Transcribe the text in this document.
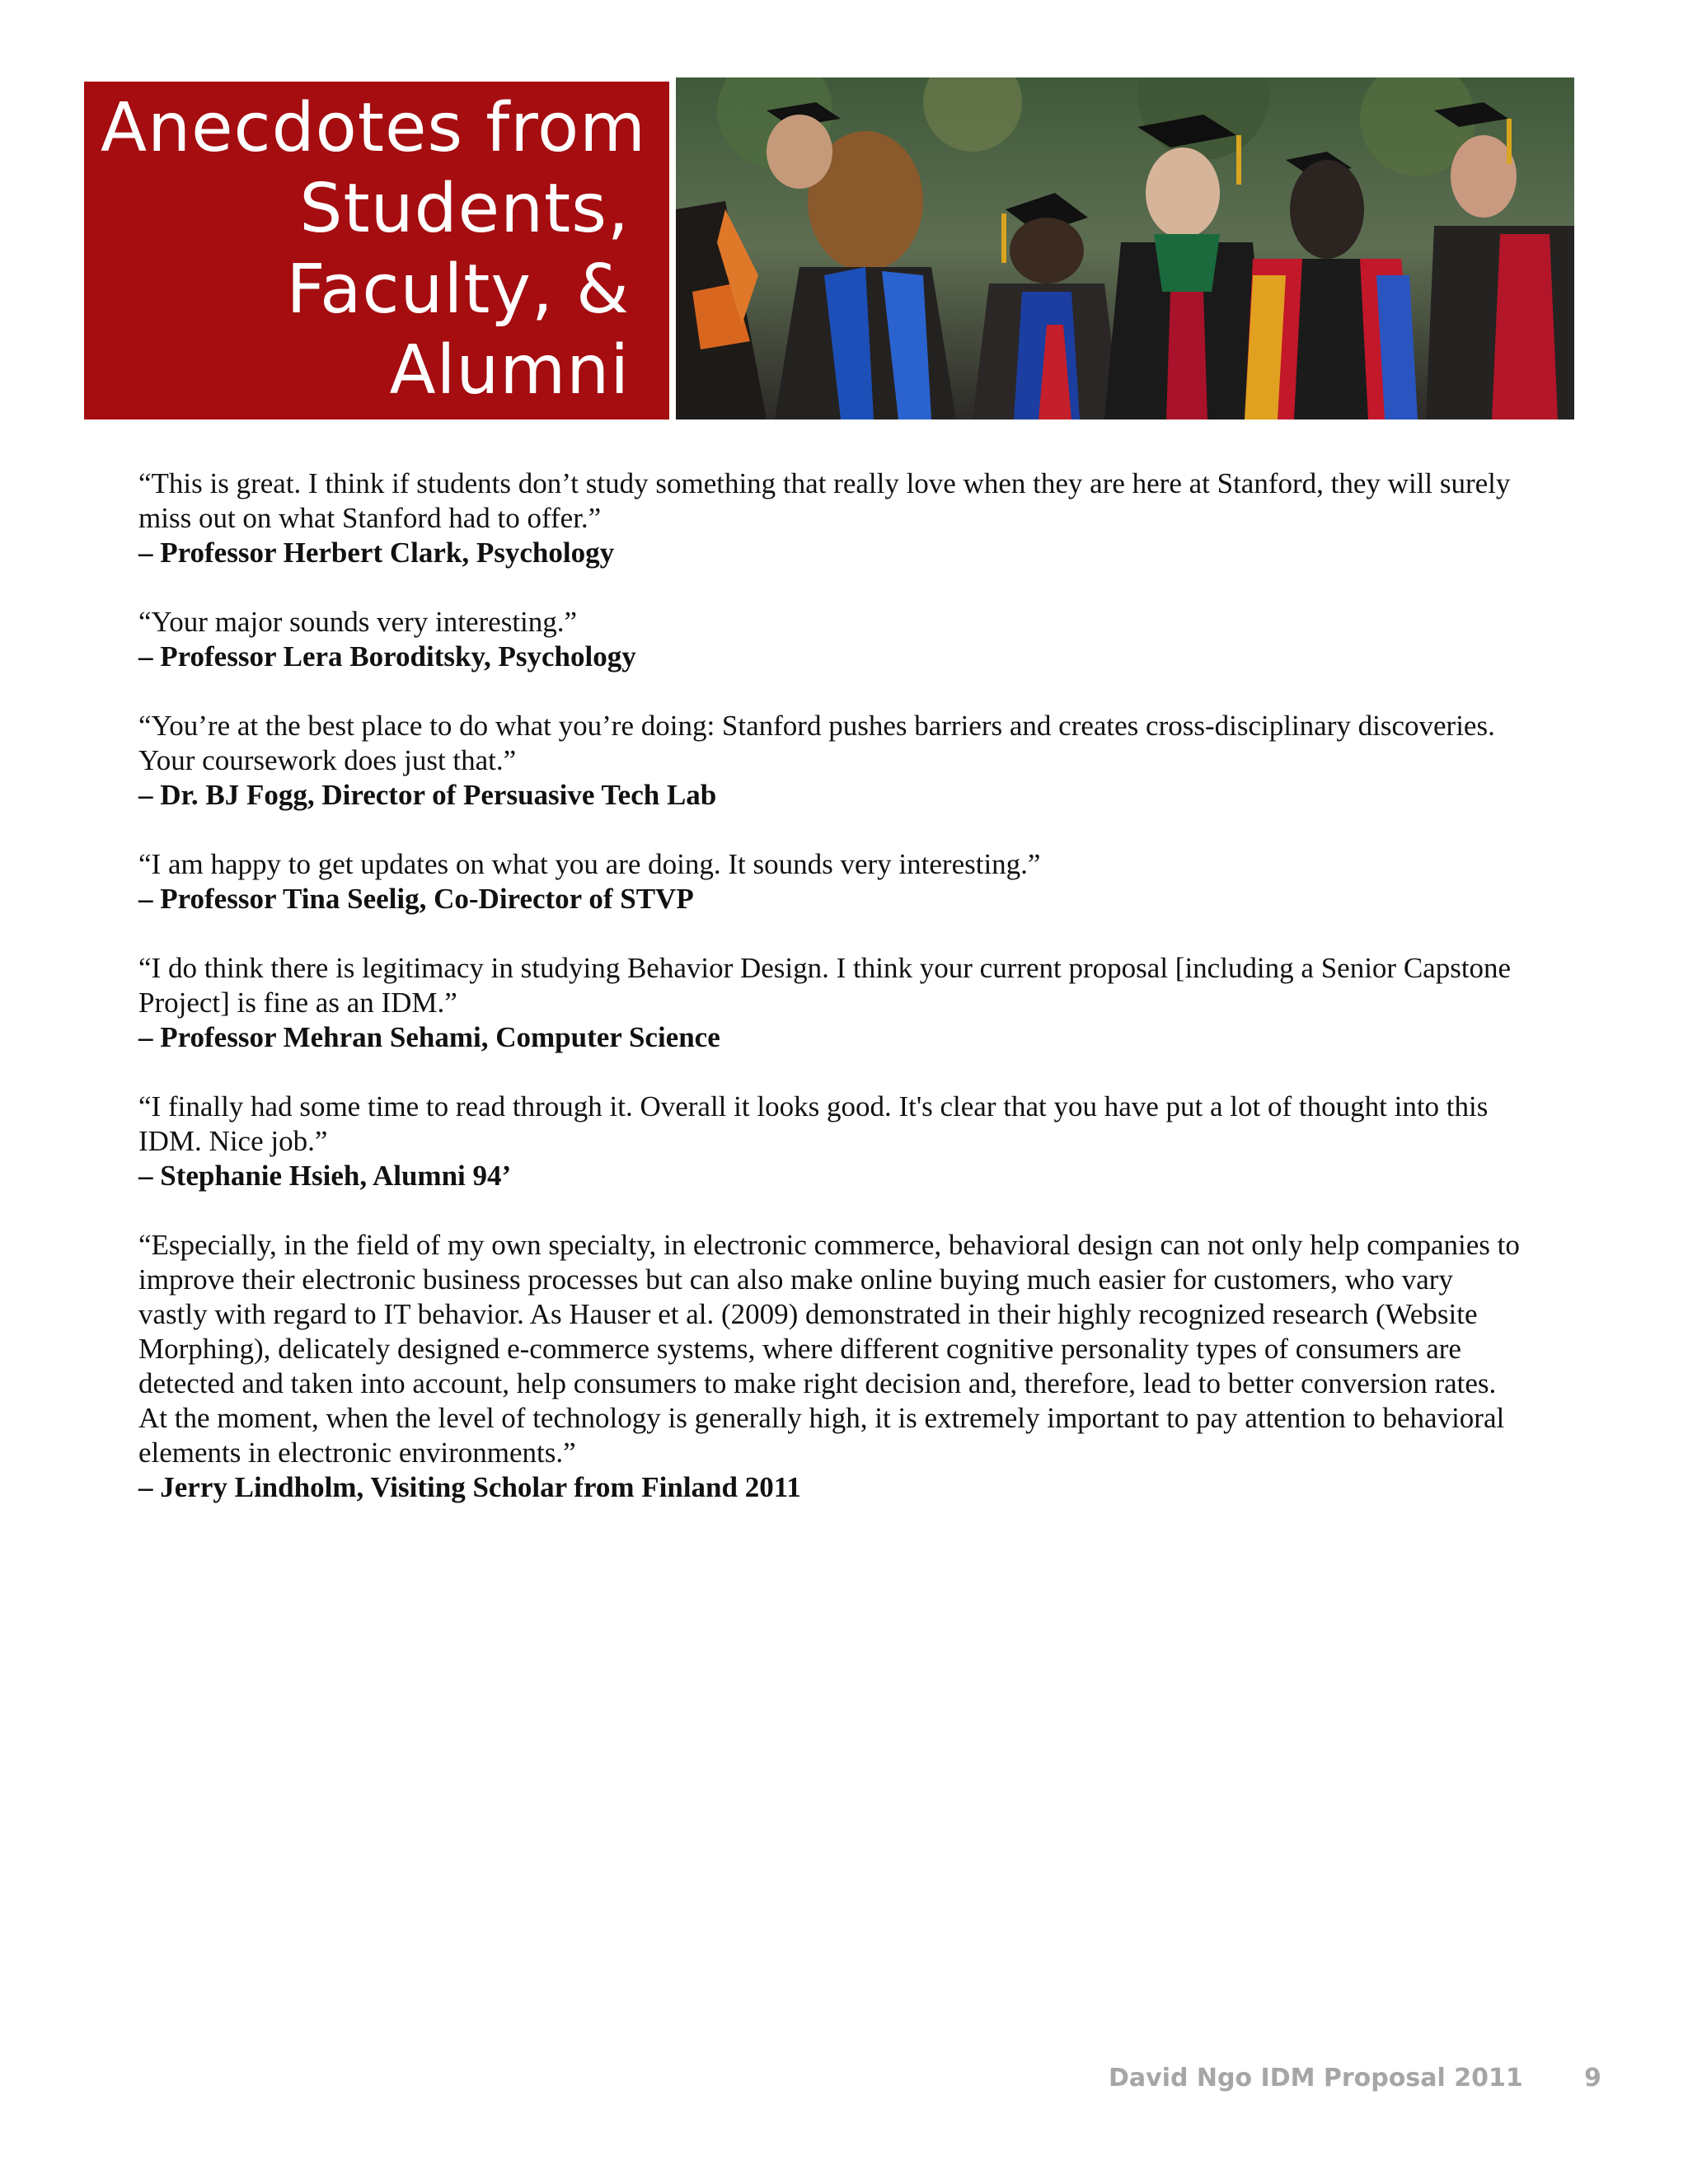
Anecdotes from
Students,
Faculty, &
Alumni
“This is great. I think if students don’t study something that really love when they are here at Stanford, they will surely miss out on what Stanford had to offer.”
– Professor Herbert Clark, Psychology
“Your major sounds very interesting.”
– Professor Lera Boroditsky, Psychology
“You’re at the best place to do what you’re doing: Stanford pushes barriers and creates cross-disciplinary discoveries. Your coursework does just that.”
– Dr. BJ Fogg, Director of Persuasive Tech Lab
“I am happy to get updates on what you are doing. It sounds very interesting.”
– Professor Tina Seelig, Co-Director of STVP
“I do think there is legitimacy in studying Behavior Design. I think your current proposal [including a Senior Capstone Project] is fine as an IDM.”
– Professor Mehran Sehami, Computer Science
“I finally had some time to read through it. Overall it looks good. It's clear that you have put a lot of thought into this IDM. Nice job.”
– Stephanie Hsieh, Alumni 94’
“Especially, in the field of my own specialty, in electronic commerce, behavioral design can not only help companies to improve their electronic business processes but can also make online buying much easier for customers, who vary vastly with regard to IT behavior. As Hauser et al. (2009) demonstrated in their highly recognized research (Website Morphing), delicately designed e-commerce systems, where different cognitive personality types of consumers are detected and taken into account, help consumers to make right decision and, therefore, lead to better conversion rates. At the moment, when the level of technology is generally high, it is extremely important to pay attention to behavioral elements in electronic environments.”
– Jerry Lindholm, Visiting Scholar from Finland 2011
David Ngo IDM Proposal 2011 9
